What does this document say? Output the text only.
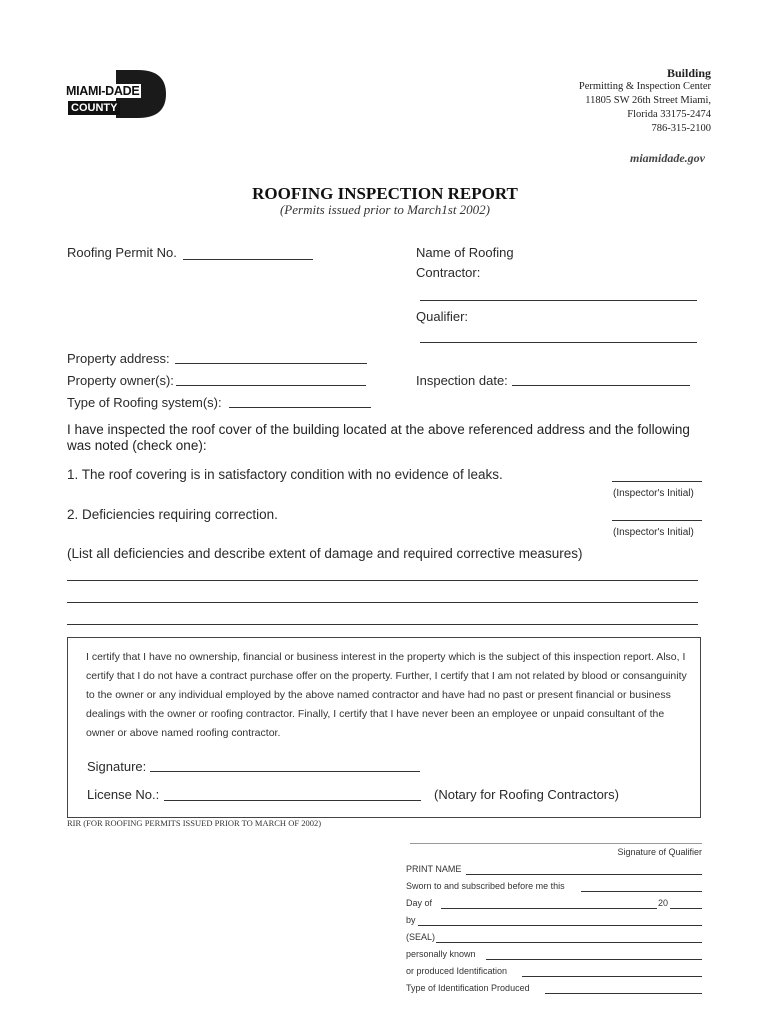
MIAMI-DADE
COUNTY
Building
Permitting & Inspection Center
11805 SW 26th Street Miami,
Florida 33175-2474
786-315-2100
miamidade.gov
ROOFING INSPECTION REPORT
(Permits issued prior to March1st 2002)
Roofing Permit No.	Name of Roofing
Contractor:
Qualifier:
Property address:
Property owner(s):	Inspection date:
Type of Roofing system(s):
I have inspected the roof cover of the building located at the above referenced address and the following was noted (check one):
1. The roof covering is in satisfactory condition with no evidence of leaks.
(Inspector's Initial)
2. Deficiencies requiring correction.
(Inspector's Initial)
(List all deficiencies and describe extent of damage and required corrective measures)
I certify that I have no ownership, financial or business interest in the property which is the subject of this inspection report. Also, I certify that I do not have a contract purchase offer on the property. Further, I certify that I am not related by blood or consanguinity to the owner or any individual employed by the above named contractor and have had no past or present financial or business dealings with the owner or roofing contractor. Finally, I certify that I have never been an employee or unpaid consultant of the owner or above named roofing contractor.
Signature:
License No.:	(Notary for Roofing Contractors)
RIR (FOR ROOFING PERMITS ISSUED PRIOR TO MARCH OF 2002)
Signature of Qualifier
PRINT NAME
Sworn to and subscribed before me this
Day of	20
by
(SEAL)
personally known
or produced Identification
Type of Identification Produced
